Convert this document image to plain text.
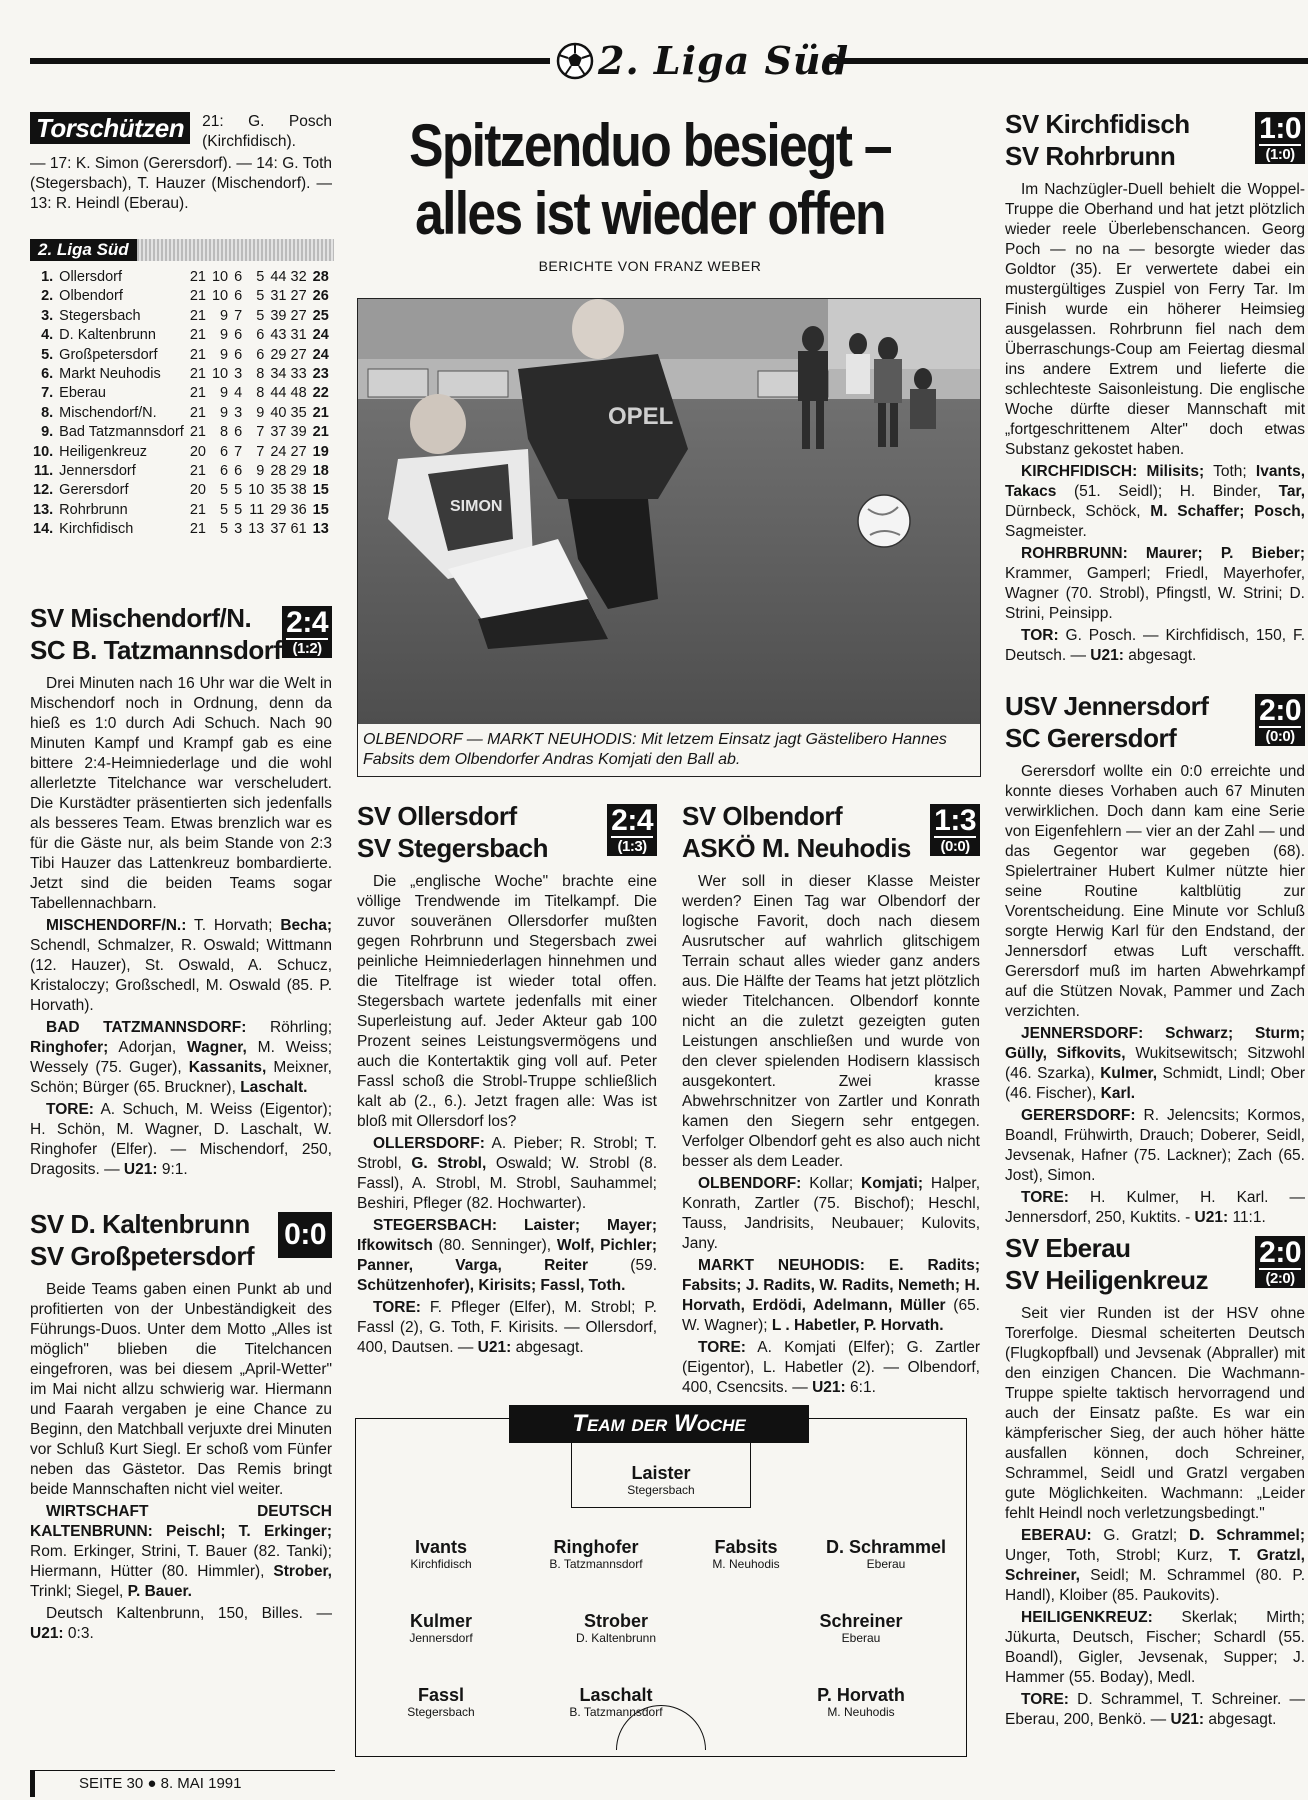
2. Liga Süd
Torschützen	21: G. Posch (Kirchfidisch).
— 17: K. Simon (Gerersdorf). — 14: G. Toth (Stegersbach), T. Hauzer (Mischendorf). — 13: R. Heindl (Eberau).
2. Liga Süd
1.	Ollersdorf	21	10	6	5	44 32	28
2.	Olbendorf	21	10	6	5	31 27	26
3.	Stegersbach	21	9	7	5	39 27	25
4.	D. Kaltenbrunn	21	9	6	6	43 31	24
5.	Großpetersdorf	21	9	6	6	29 27	24
6.	Markt Neuhodis	21	10	3	8	34 33	23
7.	Eberau	21	9	4	8	44 48	22
8.	Mischendorf/N.	21	9	3	9	40 35	21
9.	Bad Tatzmannsdorf	21	8	6	7	37 39	21
10.	Heiligenkreuz	20	6	7	7	24 27	19
11.	Jennersdorf	21	6	6	9	28 29	18
12.	Gerersdorf	20	5	5	10	35 38	15
13.	Rohrbrunn	21	5	5	11	29 36	15
14.	Kirchfidisch	21	5	3	13	37 61	13
Spitzenduo besiegt –
alles ist wieder offen
BERICHTE VON FRANZ WEBER
OPEL
SIMON
OLBENDORF — MARKT NEUHODIS: Mit letzem Einsatz jagt Gästelibero Hannes Fabsits dem Olbendorfer Andras Komjati den Ball ab.
SV Mischendorf/N.
SC B. Tatzmannsdorf
2:4
(1:2)

Drei Minuten nach 16 Uhr war die Welt in Mischendorf noch in Ordnung, denn da hieß es 1:0 durch Adi Schuch. Nach 90 Minuten Kampf und Krampf gab es eine bittere 2:4-Heimniederlage und die wohl allerletzte Titelchance war verscheludert. Die Kurstädter präsentierten sich jedenfalls als besseres Team. Etwas brenzlich war es für die Gäste nur, als beim Stande von 2:3 Tibi Hauzer das Lattenkreuz bombardierte. Jetzt sind die beiden Teams sogar Tabellennachbarn.

MISCHENDORF/N.: T. Horvath; Becha; Schendl, Schmalzer, R. Oswald; Wittmann (12. Hauzer), St. Oswald, A. Schucz, Kristaloczy; Großschedl, M. Oswald (85. P. Horvath).

BAD TATZMANNSDORF: Röhrling; Ringhofer; Adorjan, Wagner, M. Weiss; Wessely (75. Guger), Kassanits, Meixner, Schön; Bürger (65. Bruckner), Laschalt.

TORE: A. Schuch, M. Weiss (Eigentor); H. Schön, M. Wagner, D. Laschalt, W. Ringhofer (Elfer). — Mischendorf, 250, Dragosits. — U21: 9:1.

SV D. Kaltenbrunn
SV Großpetersdorf
0:0

Beide Teams gaben einen Punkt ab und profitierten von der Unbeständigkeit des Führungs-Duos. Unter dem Motto „Alles ist möglich" blieben die Titelchancen eingefroren, was bei diesem „April-Wetter" im Mai nicht allzu schwierig war. Hiermann und Faarah vergaben je eine Chance zu Beginn, den Matchball verjuxte drei Minuten vor Schluß Kurt Siegl. Er schoß vom Fünfer neben das Gästetor. Das Remis bringt beide Mannschaften nicht viel weiter.

WIRTSCHAFT DEUTSCH KALTENBRUNN: Peischl; T. Erkinger; Rom. Erkinger, Strini, T. Bauer (82. Tanki); Hiermann, Hütter (80. Himmler), Strober, Trinkl; Siegel, P. Bauer.

Deutsch Kaltenbrunn, 150, Billes. — U21: 0:3.

SEITE 30 ● 8. MAI 1991
SV Ollersdorf
SV Stegersbach
2:4
(1:3)

Die „englische Woche" brachte eine völlige Trendwende im Titelkampf. Die zuvor souveränen Ollersdorfer mußten gegen Rohrbrunn und Stegersbach zwei peinliche Heimniederlagen hinnehmen und die Titelfrage ist wieder total offen. Stegersbach wartete jedenfalls mit einer Superleistung auf. Jeder Akteur gab 100 Prozent seines Leistungsvermögens und auch die Kontertaktik ging voll auf. Peter Fassl schoß die Strobl-Truppe schließlich kalt ab (2., 6.). Jetzt fragen alle: Was ist bloß mit Ollersdorf los?

OLLERSDORF: A. Pieber; R. Strobl; T. Strobl, G. Strobl, Oswald; W. Strobl (8. Fassl), A. Strobl, M. Strobl, Sauhammel; Beshiri, Pfleger (82. Hochwarter).

STEGERSBACH: Laister; Mayer; Ifkowitsch (80. Senninger), Wolf, Pichler; Panner, Varga, Reiter	(59. Schützenhofer), Kirisits; Fassl, Toth.

TORE: F. Pfleger (Elfer), M. Strobl; P. Fassl (2), G. Toth, F. Kirisits. — Ollersdorf, 400, Dautsen. — U21: abgesagt.

SV Olbendorf
ASKÖ M. Neuhodis
1:3
(0:0)

Wer soll in dieser Klasse Meister werden? Einen Tag war Olbendorf der logische Favorit, doch nach diesem Ausrutscher auf wahrlich glitschigem Terrain schaut alles wieder ganz anders aus. Die Hälfte der Teams hat jetzt plötzlich wieder Titelchancen. Olbendorf konnte nicht an die zuletzt gezeigten guten Leistungen anschließen und wurde von den clever spielenden Hodisern klassisch ausgekontert. Zwei krasse Abwehrschnitzer von Zartler und Konrath kamen den Siegern sehr entgegen. Verfolger Olbendorf geht es also auch nicht besser als dem Leader.

OLBENDORF: Kollar; Komjati; Halper, Konrath, Zartler (75. Bischof); Heschl, Tauss, Jandrisits, Neubauer; Kulovits, Jany.

MARKT NEUHODIS: E. Radits; Fabsits; J. Radits, W. Radits, Nemeth; H. Horvath, Erdödi, Adelmann, Müller (65. W. Wagner); L . Habetler, P. Horvath.

TORE: A. Komjati (Elfer); G. Zartler (Eigentor), L. Habetler (2). — Olbendorf, 400, Csencsits. — U21: 6:1.

Team der Woche
Laister
Stegersbach
Ivants
Kirchfidisch
Ringhofer
B. Tatzmannsdorf
Fabsits
M. Neuhodis
D. Schrammel
Eberau
Kulmer
Jennersdorf
Strober
D. Kaltenbrunn
Schreiner
Eberau
Fassl
Stegersbach
Laschalt
B. Tatzmannsdorf
P. Horvath
M. Neuhodis
SV Kirchfidisch
SV Rohrbrunn
1:0
(1:0)

Im Nachzügler-Duell behielt die Woppel-Truppe die Oberhand und hat jetzt plötzlich wieder reele Überlebenschancen. Georg Poch — no na — besorgte wieder das Goldtor (35). Er verwertete dabei ein mustergültiges Zuspiel von Ferry Tar. Im Finish wurde ein höherer Heimsieg ausgelassen. Rohrbrunn fiel nach dem Überraschungs-Coup am Feiertag diesmal ins andere Extrem und lieferte die schlechteste Saisonleistung. Die englische Woche dürfte dieser Mannschaft mit „fortgeschrittenem Alter" doch etwas Substanz gekostet haben.

KIRCHFIDISCH: Milisits; Toth; Ivants, Takacs (51. Seidl); H. Binder, Tar, Dürnbeck, Schöck, M. Schaffer; Posch, Sagmeister.

ROHRBRUNN: Maurer; P. Bieber; Krammer, Gamperl; Friedl, Mayerhofer, Wagner (70. Strobl), Pfingstl, W. Strini; D. Strini, Peinsipp.

TOR: G. Posch. — Kirchfidisch, 150, F. Deutsch. — U21: abgesagt.

USV Jennersdorf
SC Gerersdorf
2:0
(0:0)

Gerersdorf wollte ein 0:0 erreichte und konnte dieses Vorhaben auch 67 Minuten verwirklichen. Doch dann kam eine Serie von Eigenfehlern — vier an der Zahl — und das Gegentor war gegeben (68). Spielertrainer Hubert Kulmer nützte hier seine Routine kaltblütig zur Vorentscheidung. Eine Minute vor Schluß sorgte Herwig Karl für den Endstand, der Jennersdorf etwas Luft verschafft. Gerersdorf muß im harten Abwehrkampf auf die Stützen Novak, Pammer und Zach verzichten.

JENNERSDORF: Schwarz; Sturm; Gülly, Sifkovits, Wukitsewitsch; Sitzwohl (46. Szarka), Kulmer, Schmidt, Lindl; Ober (46. Fischer), Karl.

GERERSDORF: R. Jelencsits; Kormos, Boandl, Frühwirth, Drauch; Doberer, Seidl, Jevsenak, Hafner (75. Lackner); Zach (65. Jost), Simon.

TORE: H. Kulmer, H. Karl. — Jennersdorf, 250, Kuktits. - U21: 11:1.

SV Eberau
SV Heiligenkreuz
2:0
(2:0)

Seit vier Runden ist der HSV ohne Torerfolge. Diesmal scheiterten Deutsch (Flugkopfball) und Jevsenak (Abpraller) mit den einzigen Chancen. Die Wachmann-Truppe spielte taktisch hervorragend und auch der Einsatz paßte. Es war ein kämpferischer Sieg, der auch höher hätte ausfallen können, doch Schreiner, Schrammel, Seidl und Gratzl vergaben gute Möglichkeiten. Wachmann: „Leider fehlt Heindl noch verletzungsbedingt."

EBERAU: G. Gratzl; D. Schrammel; Unger, Toth, Strobl; Kurz, T. Gratzl, Schreiner, Seidl; M. Schrammel (80. P. Handl), Kloiber (85. Paukovits).

HEILIGENKREUZ: Skerlak; Mirth; Jükurta, Deutsch, Fischer; Schardl (55. Boandl), Gigler, Jevsenak, Supper; J. Hammer (55. Boday), Medl.

TORE: D. Schrammel, T. Schreiner. — Eberau, 200, Benkö. — U21: abgesagt.
